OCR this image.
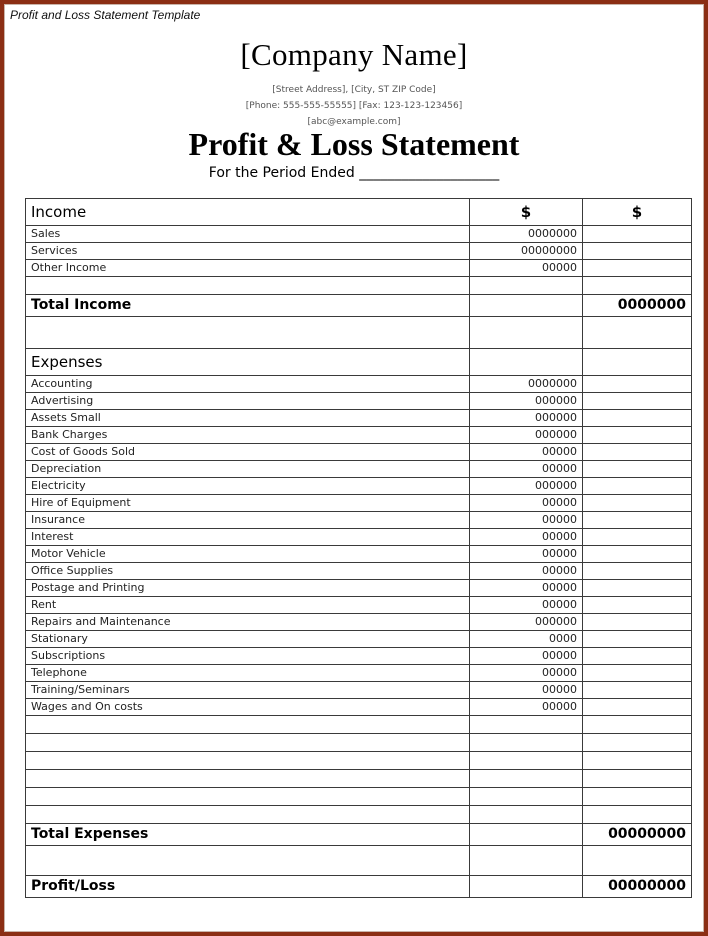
Profit and Loss Statement Template
[Company Name]
[Street Address], [City, ST ZIP Code]
[Phone: 555-555-55555] [Fax: 123-123-123456]
[abc@example.com]
Profit & Loss Statement
For the Period Ended ____________________
Income	$	$
Sales	0000000	
Services	00000000	
Other Income	00000	

Total Income		0000000

Expenses		
Accounting	0000000	
Advertising	000000	
Assets Small	000000	
Bank Charges	000000	
Cost of Goods Sold	00000	
Depreciation	00000	
Electricity	000000	
Hire of Equipment	00000	
Insurance	00000	
Interest	00000	
Motor Vehicle	00000	
Office Supplies	00000	
Postage and Printing	00000	
Rent	00000	
Repairs and Maintenance	000000	
Stationary	0000	
Subscriptions	00000	
Telephone	00000	
Training/Seminars	00000	
Wages and On costs	00000	

Total Expenses		00000000

Profit/Loss		00000000
